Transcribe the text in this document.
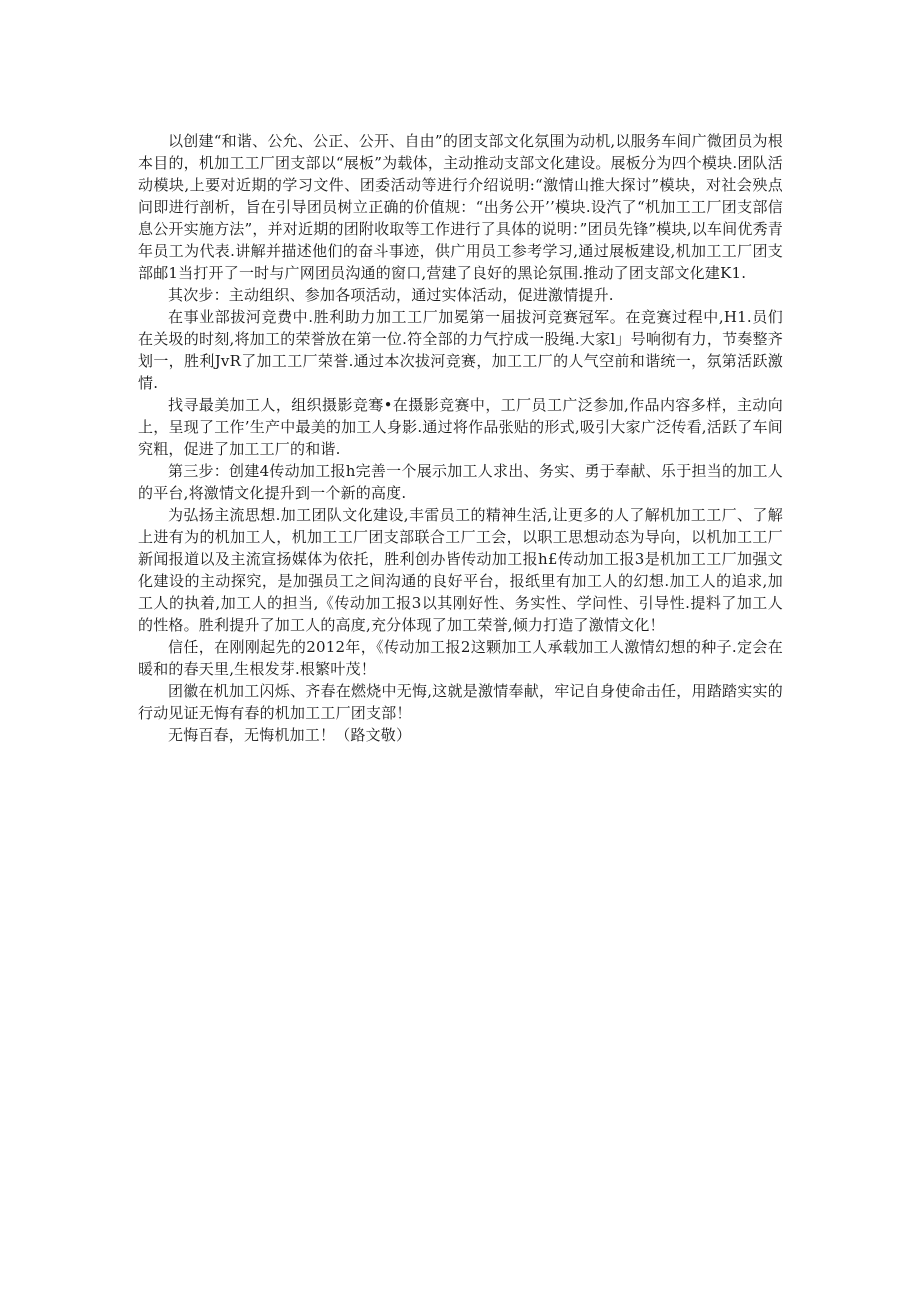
以创建“和谐、公允、公正、公开、自由”的团支部文化氛围为动机,以服务车间广微团员为根本目的，机加工工厂团支部以“展板”为载体，主动推动支部文化建设。展板分为四个模块.团队活动模块,上要对近期的学习文件、团委活动等进行介绍说明:“激情山推大探讨”模块，对社会殃点问即进行剖析，旨在引导团员树立正确的价值规：“出务公开’’模块.设汽了“机加工工厂团支部信息公开实施方法”，并对近期的团附收取等工作进行了具体的说明：”团员先锋”模块,以车间优秀青年员工为代表.讲解并描述他们的奋斗事迹，供广用员工参考学习,通过展板建设,机加工工厂团支部邮1当打开了一时与广网团员沟通的窗口,营建了良好的黑论氛围.推动了团支部文化建K1.

其次步：主动组织、参加各项活动，通过实体活动，促进激情提升.

在事业部拔河竞费中.胜利助力加工工厂加冕第一届拔河竞赛冠军。在竞赛过程中,H1.员们在关圾的时刻,将加工的荣誉放在第一位.符全部的力气拧成一股绳.大家l」号响彻有力，节奏整齐划一，胜利JvR了加工工厂荣誉.通过本次拔河竞赛，加工工厂的人气空前和谐统一，氛第活跃激情.

找寻最美加工人，组织摄影竞骞•在摄影竞赛中，工厂员工广泛参加,作品内容多样，主动向上，呈现了工作’生产中最美的加工人身影.通过将作品张贴的形式,吸引大家广泛传看,活跃了车间究粗，促进了加工工厂的和谐.

第三步：创建4传动加工报h完善一个展示加工人求出、务实、勇于奉献、乐于担当的加工人的平台,将激情文化提升到一个新的高度.

为弘扬主流思想.加工团队文化建设,丰雷员工的精神生活,让更多的人了解机加工工厂、了解上进有为的机加工人，机加工工厂团支部联合工厂工会，以职工思想动态为导向，以机加工工厂新闻报道以及主流宣扬媒体为依托，胜利创办皆传动加工报h£传动加工报3是机加工工厂加强文化建设的主动探究，是加强员工之间沟通的良好平台，报纸里有加工人的幻想.加工人的追求,加工人的执着,加工人的担当,《传动加工报3以其刚好性、务实性、学问性、引导性.提料了加工人的性格。胜利提升了加工人的高度,充分体现了加工荣誉,倾力打造了激情文化！

信任，在刚刚起先的2012年，《传动加工报2这颗加工人承载加工人激情幻想的种子.定会在暖和的春天里,生根发芽.根繁叶茂！

团徽在机加工闪烁、齐春在燃烧中无悔,这就是激情奉献，牢记自身使命击任，用踏踏实实的行动见证无悔有春的机加工工厂团支部！

无悔百春，无悔机加工！（路文敬）
